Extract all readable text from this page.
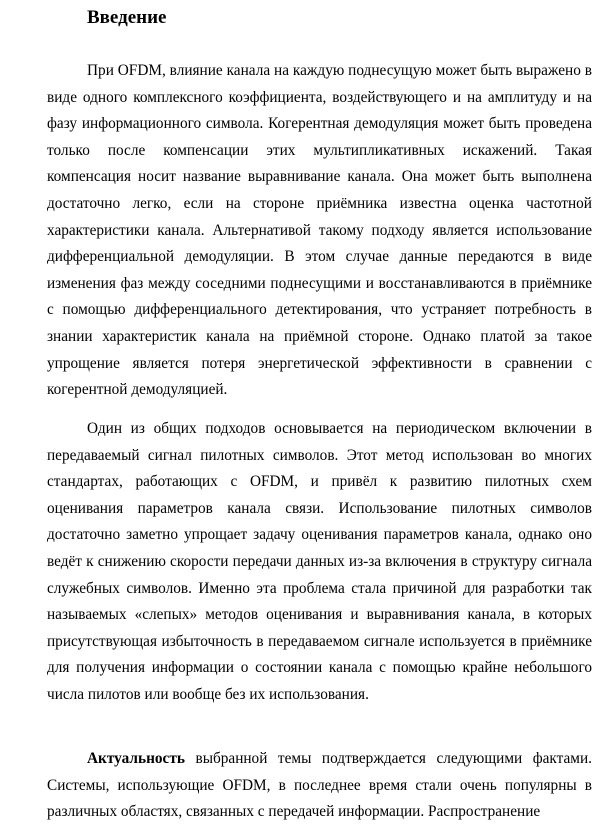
Введение

При OFDM, влияние канала на каждую поднесущую может быть выражено в виде одного комплексного коэффициента, воздействующего и на амплитуду и на фазу информационного символа. Когерентная демодуляция может быть проведена только после компенсации этих мультипликативных искажений. Такая компенсация носит название выравнивание канала. Она может быть выполнена достаточно легко, если на стороне приёмника известна оценка частотной характеристики канала. Альтернативой такому подходу является использование дифференциальной демодуляции. В этом случае данные передаются в виде изменения фаз между соседними поднесущими и восстанавливаются в приёмнике с помощью дифференциального детектирования, что устраняет потребность в знании характеристик канала на приёмной стороне. Однако платой за такое упрощение является потеря энергетической эффективности в сравнении с когерентной демодуляцией.

Один из общих подходов основывается на периодическом включении в передаваемый сигнал пилотных символов. Этот метод использован во многих стандартах, работающих с OFDM, и привёл к развитию пилотных схем оценивания параметров канала связи. Использование пилотных символов достаточно заметно упрощает задачу оценивания параметров канала, однако оно ведёт к снижению скорости передачи данных из-за включения в структуру сигнала служебных символов. Именно эта проблема стала причиной для разработки так называемых «слепых» методов оценивания и выравнивания канала, в которых присутствующая избыточность в передаваемом сигнале используется в приёмнике для получения информации о состоянии канала с помощью крайне небольшого числа пилотов или вообще без их использования.

Актуальность выбранной темы подтверждается следующими фактами. Системы, использующие OFDM, в последнее время стали очень популярны в различных областях, связанных с передачей информации. Распространение
